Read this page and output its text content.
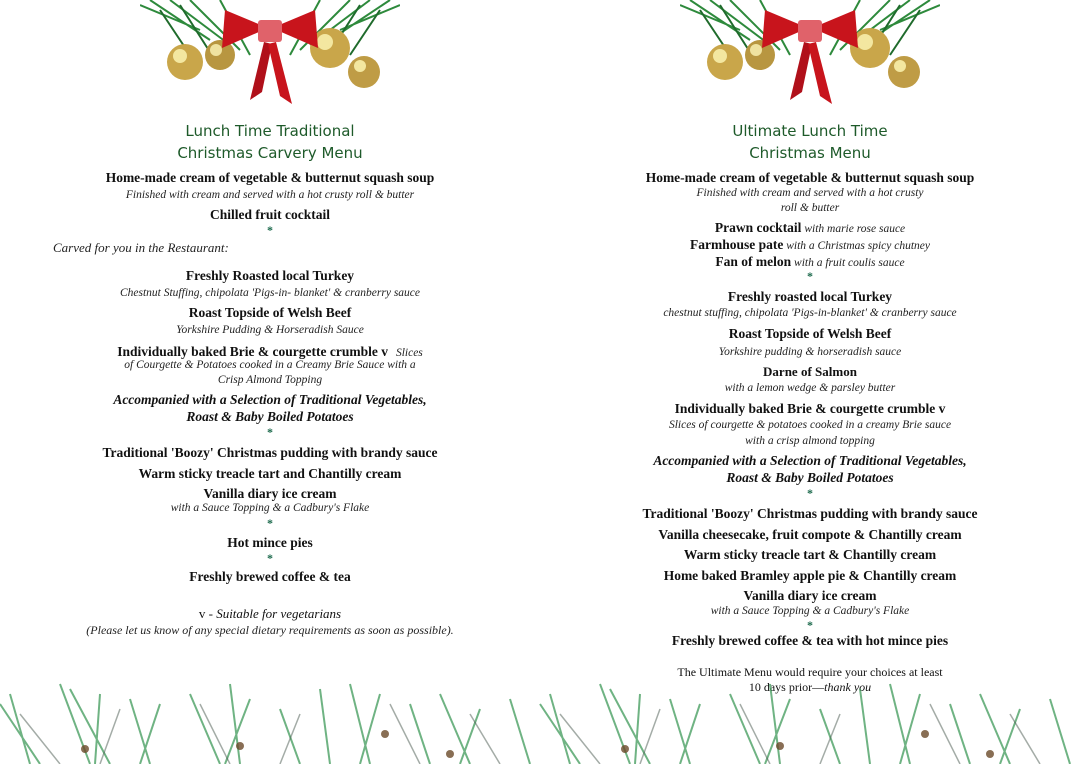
Lunch Time Traditional
Christmas Carvery Menu
Home-made cream of vegetable & butternut squash soup
Finished with cream and served with a hot crusty roll & butter
Chilled fruit cocktail
*
Carved for you in the Restaurant:
Freshly Roasted local Turkey
Chestnut Stuffing, chipolata 'Pigs-in- blanket' & cranberry sauce
Roast Topside of Welsh Beef
Yorkshire Pudding & Horseradish Sauce
Individually baked Brie & courgette crumble v Slices
of Courgette & Potatoes cooked in a Creamy Brie Sauce with a
Crisp Almond Topping
Accompanied with a Selection of Traditional Vegetables,
Roast & Baby Boiled Potatoes
*
Traditional 'Boozy' Christmas pudding with brandy sauce
Warm sticky treacle tart and Chantilly cream
Vanilla diary ice cream
with a Sauce Topping & a Cadbury's Flake
*
Hot mince pies
*
Freshly brewed coffee & tea
v - Suitable for vegetarians
(Please let us know of any special dietary requirements as soon as possible).
Ultimate Lunch Time
Christmas Menu
Home-made cream of vegetable & butternut squash soup
Finished with cream and served with a hot crusty
roll & butter
Prawn cocktail with marie rose sauce
Farmhouse pate with a Christmas spicy chutney
Fan of melon with a fruit coulis sauce
*
Freshly roasted local Turkey
chestnut stuffing, chipolata 'Pigs-in-blanket' & cranberry sauce
Roast Topside of Welsh Beef
Yorkshire pudding & horseradish sauce
Darne of Salmon
with a lemon wedge & parsley butter
Individually baked Brie & courgette crumble v
Slices of courgette & potatoes cooked in a creamy Brie sauce
with a crisp almond topping
Accompanied with a Selection of Traditional Vegetables,
Roast & Baby Boiled Potatoes
*
Traditional 'Boozy' Christmas pudding with brandy sauce
Vanilla cheesecake, fruit compote & Chantilly cream
Warm sticky treacle tart & Chantilly cream
Home baked Bramley apple pie & Chantilly cream
Vanilla diary ice cream
with a Sauce Topping & a Cadbury's Flake
*
Freshly brewed coffee & tea with hot mince pies
The Ultimate Menu would require your choices at least
10 days prior—thank you
